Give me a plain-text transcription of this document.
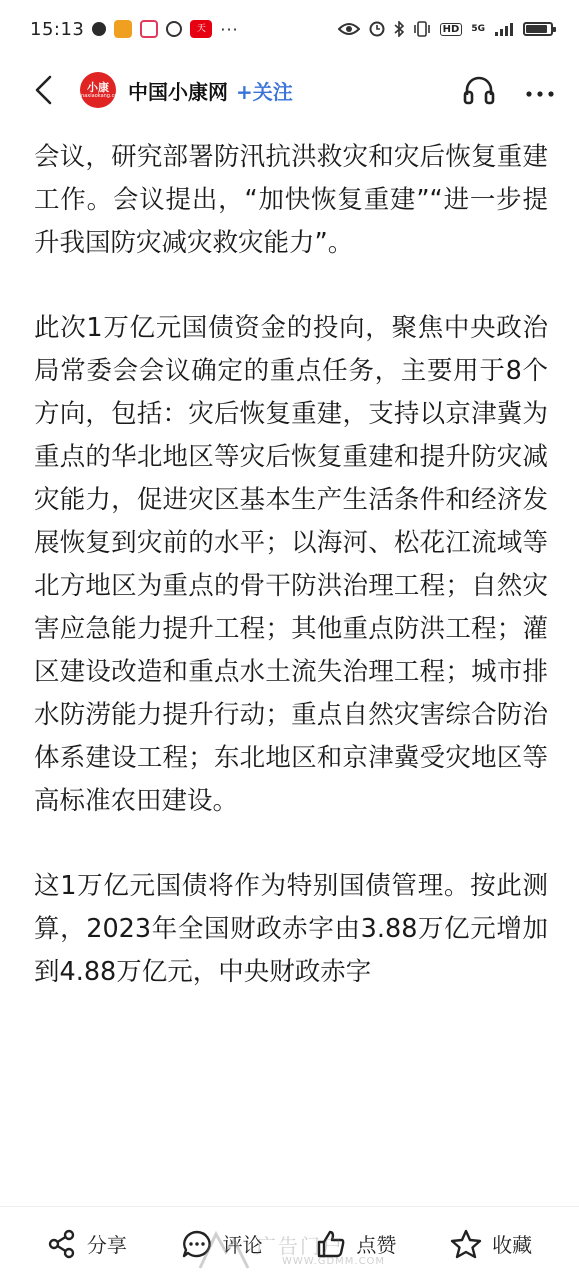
15:13	天 ···	HD	5G
小康
chinaxiaokang.com 中国小康网 +关注

会议，研究部署防汛抗洪救灾和灾后恢复重建工作。会议提出，“加快恢复重建”“进一步提升我国防灾减灾救灾能力”。

此次1万亿元国债资金的投向，聚焦中央政治局常委会会议确定的重点任务，主要用于8个方向，包括：灾后恢复重建，支持以京津冀为重点的华北地区等灾后恢复重建和提升防灾减灾能力，促进灾区基本生产生活条件和经济发展恢复到灾前的水平；以海河、松花江流域等北方地区为重点的骨干防洪治理工程；自然灾害应急能力提升工程；其他重点防洪工程；灌区建设改造和重点水土流失治理工程；城市排水防涝能力提升行动；重点自然灾害综合防治体系建设工程；东北地区和京津冀受灾地区等高标准农田建设。

这1万亿元国债将作为特别国债管理。按此测算，2023年全国财政赤字由3.88万亿元增加到4.88万亿元，中央财政赤字

分享	评论	点赞	收藏
广告门户
WWW.GDMM.COM
